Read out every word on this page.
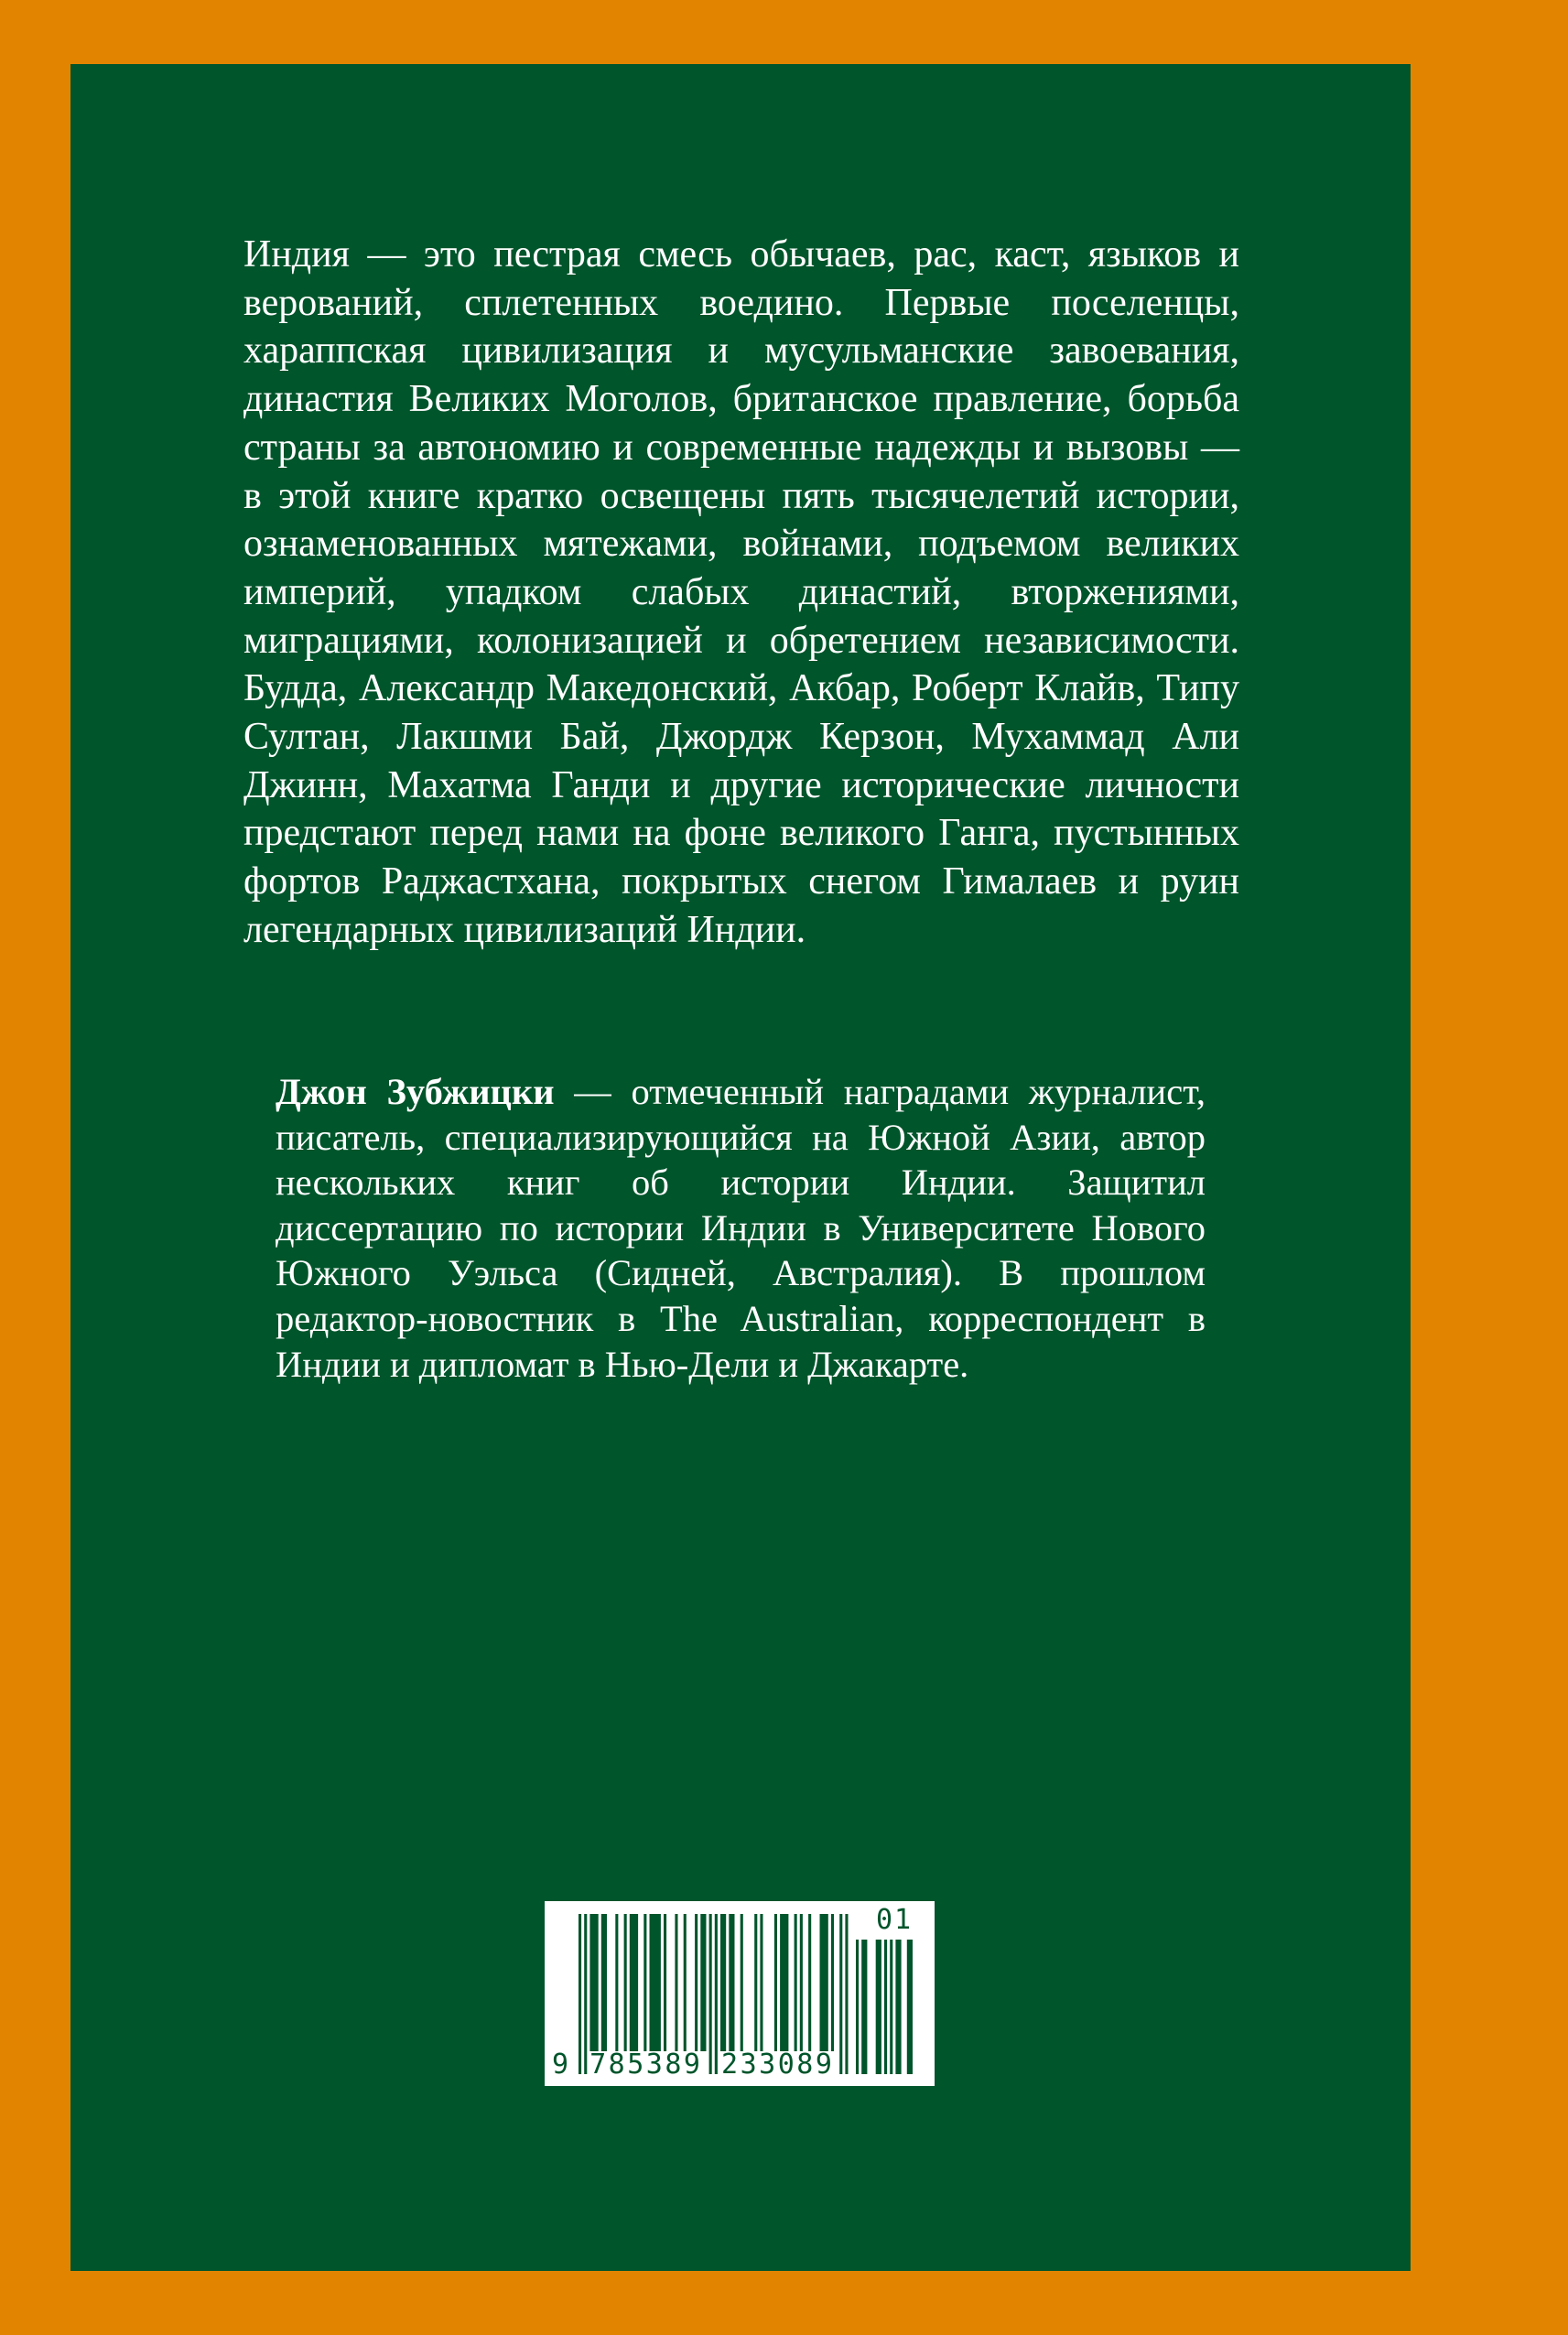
Индия — это пестрая смесь обычаев, рас, каст, языков и верований, сплетенных воедино. Первые поселенцы, хараппская цивилизация и мусульманские завоевания, династия Великих Моголов, британское правление, борьба страны за автономию и современные надежды и вызовы — в этой книге кратко освещены пять тысячелетий истории, ознаменованных мятежами, войнами, подъемом великих империй, упадком слабых династий, вторжениями, миграциями, колонизацией и обретением независимости. Будда, Александр Македонский, Акбар, Роберт Клайв, Типу Султан, Лакшми Бай, Джордж Керзон, Мухаммад Али Джинн, Махатма Ганди и другие исторические личности предстают перед нами на фоне великого Ганга, пустынных фортов Раджастхана, покрытых снегом Гималаев и руин легендарных цивилизаций Индии.

Джон Зубжицки — отмеченный наградами журналист, писатель, специализирующийся на Южной Азии, автор нескольких книг об истории Индии. Защитил диссертацию по истории Индии в Университете Нового Южного Уэльса (Сидней, Австралия). В прошлом редактор-новостник в The Australian, корреспондент в Индии и дипломат в Нью-Дели и Джакарте.

9 785389 233089
01
